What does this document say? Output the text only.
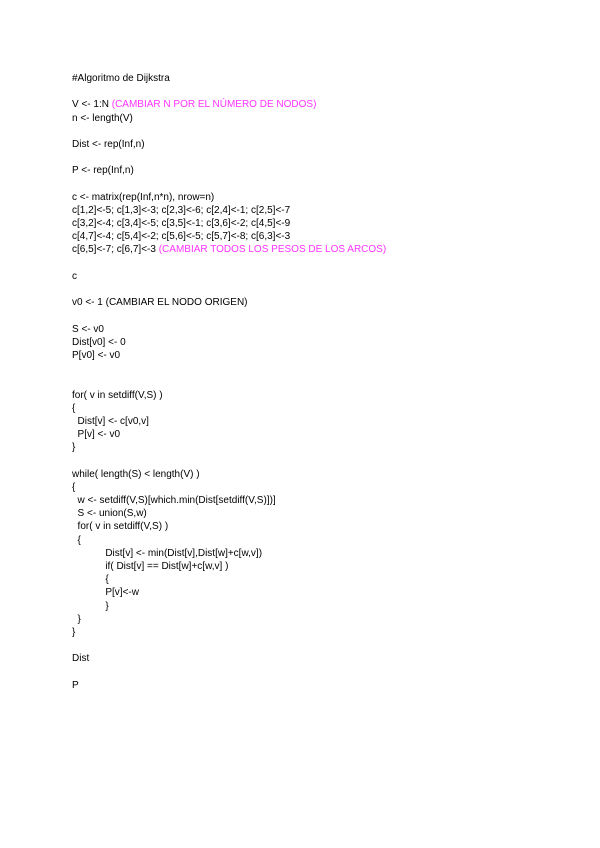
#Algoritmo de Dijkstra
V <- 1:N (CAMBIAR N POR EL NÚMERO DE NODOS)
n <- length(V)
Dist <- rep(Inf,n)
P <- rep(Inf,n)
c <- matrix(rep(Inf,n*n), nrow=n)
c[1,2]<-5; c[1,3]<-3; c[2,3]<-6; c[2,4]<-1; c[2,5]<-7
c[3,2]<-4; c[3,4]<-5; c[3,5]<-1; c[3,6]<-2; c[4,5]<-9
c[4,7]<-4; c[5,4]<-2; c[5,6]<-5; c[5,7]<-8; c[6,3]<-3
c[6,5]<-7; c[6,7]<-3 (CAMBIAR TODOS LOS PESOS DE LOS ARCOS)
c
v0 <- 1 (CAMBIAR EL NODO ORIGEN)
S <- v0
Dist[v0] <- 0
P[v0] <- v0
for( v in setdiff(V,S) )
{
Dist[v] <- c[v0,v]
P[v] <- v0
}
while( length(S) < length(V) )
{
w <- setdiff(V,S)[which.min(Dist[setdiff(V,S)])]
S <- union(S,w)
for( v in setdiff(V,S) )
{
Dist[v] <- min(Dist[v],Dist[w]+c[w,v])
if( Dist[v] == Dist[w]+c[w,v] )
{
P[v]<-w
}
}
}
Dist
P
